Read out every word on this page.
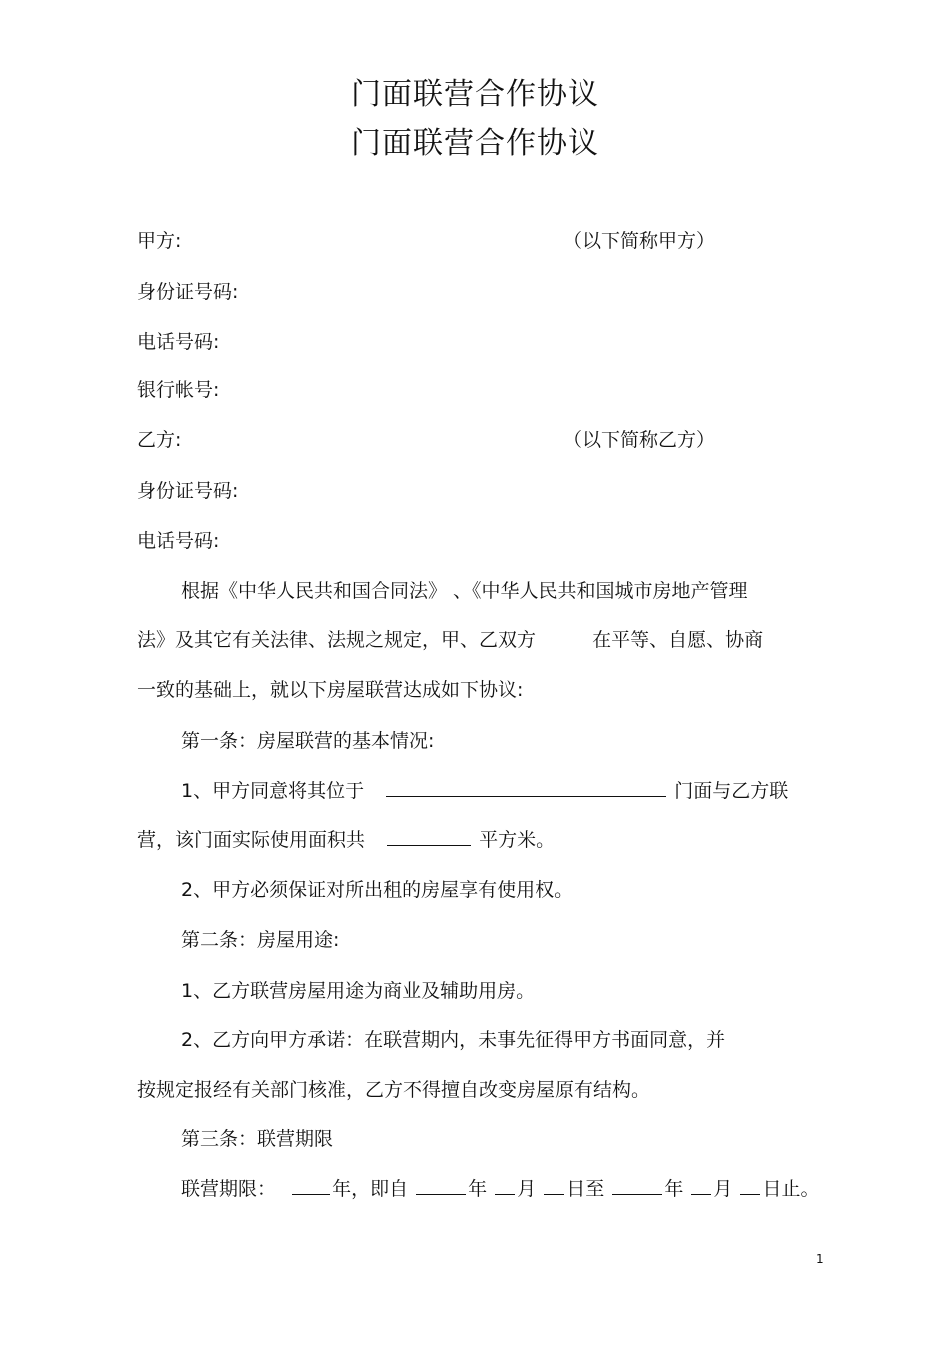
门面联营合作协议
门面联营合作协议
甲方:	（以下简称甲方）
身份证号码:
电话号码:
银行帐号:
乙方:	（以下简称乙方）
身份证号码:
电话号码:
根据《中华人民共和国合同法》 、《中华人民共和国城市房地产管理
法》及其它有关法律、法规之规定，甲、乙双方	在平等、自愿、协商
一致的基础上，就以下房屋联营达成如下协议:
第一条：房屋联营的基本情况:
1、甲方同意将其位于	门面与乙方联
营，该门面实际使用面积共	平方米。
2、甲方必须保证对所出租的房屋享有使用权。
第二条：房屋用途:
1、乙方联营房屋用途为商业及辅助用房。
2、乙方向甲方承诺：在联营期内，未事先征得甲方书面同意，并
按规定报经有关部门核准，乙方不得擅自改变房屋原有结构。
第三条：联营期限
联营期限：	年，即自	年 月 日至	年 月 日止。
1
